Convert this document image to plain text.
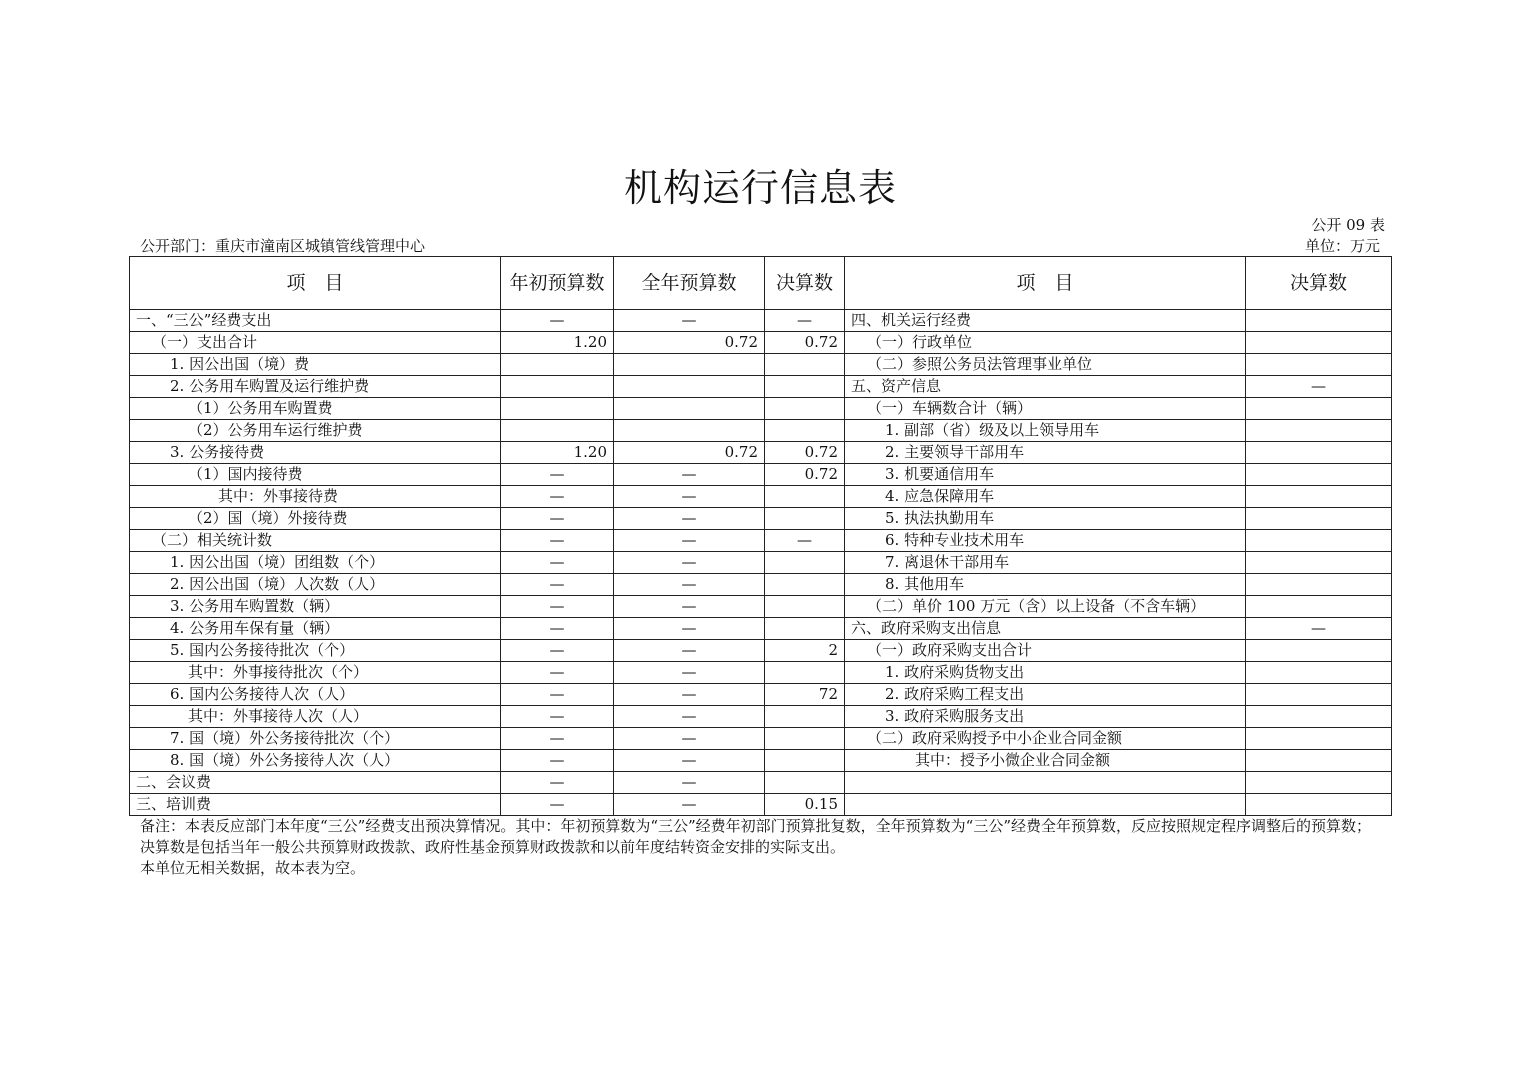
机构运行信息表
公开 09 表
公开部门：重庆市潼南区城镇管线管理中心	单位：万元
项　目	年初预算数	全年预算数	决算数	项　目	决算数
一、“三公”经费支出	—	—	—	四、机关运行经费	
（一）支出合计	1.20	0.72	0.72	（一）行政单位	
1. 因公出国（境）费				（二）参照公务员法管理事业单位	
2. 公务用车购置及运行维护费				五、资产信息	—
（1）公务用车购置费				（一）车辆数合计（辆）	
（2）公务用车运行维护费				1. 副部（省）级及以上领导用车	
3. 公务接待费	1.20	0.72	0.72	2. 主要领导干部用车	
（1）国内接待费	—	—	0.72	3. 机要通信用车	
其中：外事接待费	—	—		4. 应急保障用车	
（2）国（境）外接待费	—	—		5. 执法执勤用车	
（二）相关统计数	—	—	—	6. 特种专业技术用车	
1. 因公出国（境）团组数（个）	—	—		7. 离退休干部用车	
2. 因公出国（境）人次数（人）	—	—		8. 其他用车	
3. 公务用车购置数（辆）	—	—		（二）单价 100 万元（含）以上设备（不含车辆）	
4. 公务用车保有量（辆）	—	—		六、政府采购支出信息	—
5. 国内公务接待批次（个）	—	—	2	（一）政府采购支出合计	
其中：外事接待批次（个）	—	—		1. 政府采购货物支出	
6. 国内公务接待人次（人）	—	—	72	2. 政府采购工程支出	
其中：外事接待人次（人）	—	—		3. 政府采购服务支出	
7. 国（境）外公务接待批次（个）	—	—		（二）政府采购授予中小企业合同金额	
8. 国（境）外公务接待人次（人）	—	—		其中：授予小微企业合同金额	
二、会议费	—	—			
三、培训费	—	—	0.15		

备注：本表反应部门本年度“三公”经费支出预决算情况。其中：年初预算数为“三公”经费年初部门预算批复数，全年预算数为“三公”经费全年预算数，反应按照规定程序调整后的预算数；决算数是包括当年一般公共预算财政拨款、政府性基金预算财政拨款和以前年度结转资金安排的实际支出。

本单位无相关数据，故本表为空。
